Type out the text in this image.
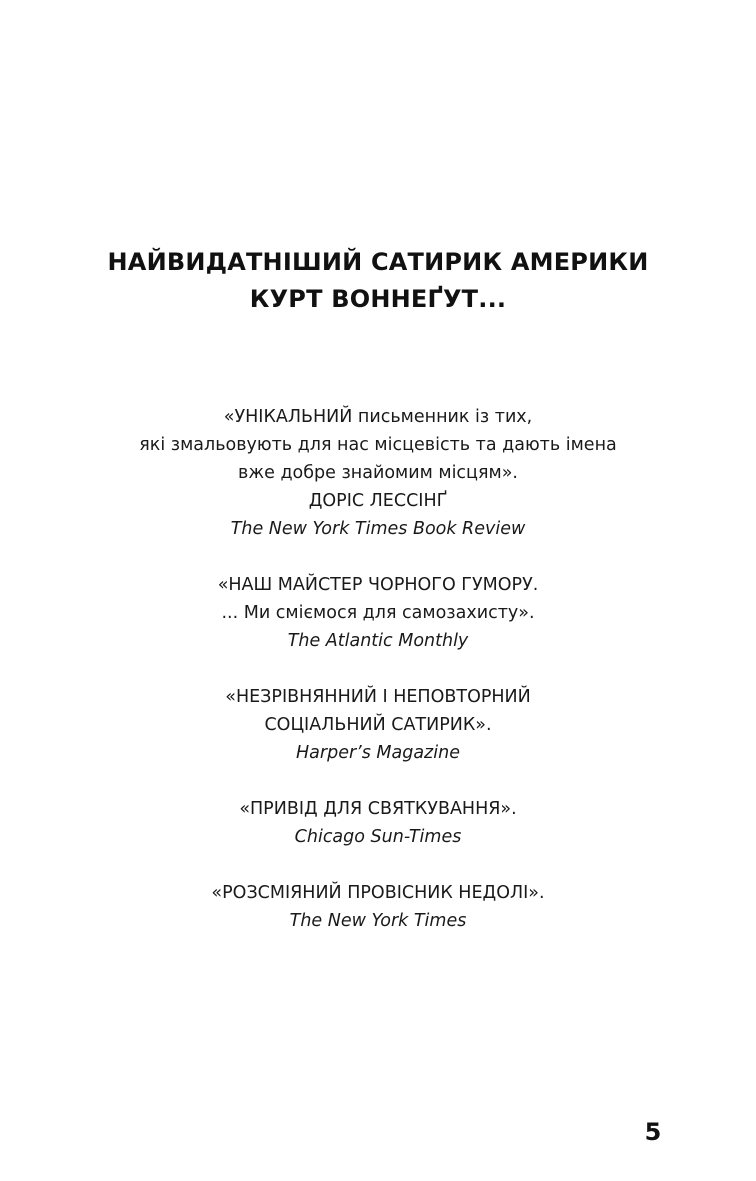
НАЙВИДАТНІШИЙ САТИРИК АМЕРИКИ
КУРТ ВОННЕҐУТ...
«УНІКАЛЬНИЙ письменник із тих,
які змальовують для нас місцевість та дають імена
вже добре знайомим місцям».
ДОРІС ЛЕССІНҐ
The New York Times Book Review
«НАШ МАЙСТЕР ЧОРНОГО ГУМОРУ.
... Ми сміємося для самозахисту».
The Atlantic Monthly
«НЕЗРІВНЯННИЙ І НЕПОВТОРНИЙ
СОЦІАЛЬНИЙ САТИРИК».
Harper’s Magazine
«ПРИВІД ДЛЯ СВЯТКУВАННЯ».
Chicago Sun-Times
«РОЗСМІЯНИЙ ПРОВІСНИК НЕДОЛІ».
The New York Times
5
